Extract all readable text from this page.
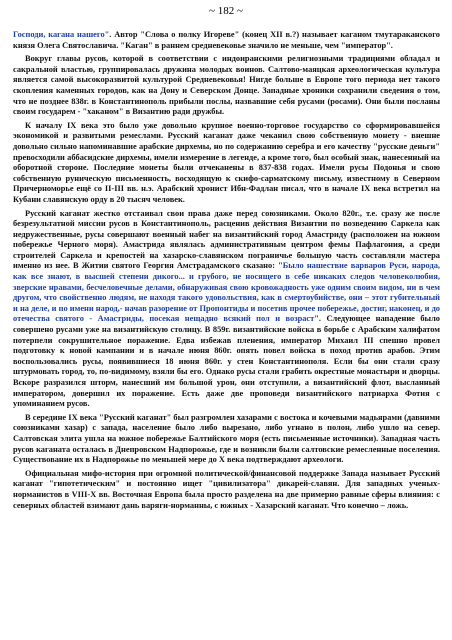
~ 182 ~

Господи, кагана нашего". Автор "Слова о полку Игореве" (конец XII в.?) называет каганом тмутараканского князя Олега Святославича. "Каган" в раннем средневековье значило не меньше, чем "император".

Вокруг главы русов, которой в соответствии с индоиранскими религиозными традициями обладал и сакральной властью, группировалась дружина молодых воинов. Салтово-маяцкая археологическая культура является самой высокоразвитой культурой Средневековья! Нигде больше в Европе того периода нет такого скопления каменных городов, как на Дону и Северском Донце. Западные хроники сохранили сведения о том, что не позднее 838г. в Константинополь прибыли послы, назвавшие себя русами (росами). Они были посланы своим государем - "хаканом" в Византию ради дружбы.

К началу IX века это было уже довольно крупное военно-торговое государство со сформировавшейся экономикой и развитыми ремеслами. Русский каганат даже чеканил свою собственную монету - внешне довольно сильно напоминавшие арабские дирхемы, но по содержанию серебра и его качеству "русские деньги" превосходили аббасидские дирхемы, имели измерение в легенде, а кроме того, был особый знак, нанесенный на оборотной стороне. Последние монеты были отчеканены в 837-838 годах. Имели русы Подонья и свою собственную руническую письменность, восходящую к скифо-сарматскому письму, известному в Северном Причерноморье ещё со II-III вв. н.э. Арабский хронист Ибн-Фадлан писал, что в начале IX века встретил на Кубани славянскую орду в 20 тысяч человек.

Русский каганат жестко отстаивал свои права даже перед союзниками. Около 820г., т.е. сразу же после безрезультатной миссии русов в Константинополь, расценив действия Византии по возведению Саркела как недружественные, русы совершают военный набег на византийский город Амастриду (расположен на южном побережье Черного моря). Амастрида являлась административным центром фемы Пафлагония, а среди строителей Саркела и крепостей на хазарско-славянском пограничье большую часть составляли мастера именно из нее. В Житии святого Георгия Амстрадамского сказано: "Было нашествие варваров Руси, народа, как все знают, в высшей степени дикого... и грубого, не носящего в себе никаких следов человеколюбия, зверские нравами, бесчеловечные делами, обнаруживая свою кровожадность уже одним своим видом, ни в чем другом, что свойственно людям, не находя такого удовольствия, как в смертоубийстве, они – этот губительный и на деле, и по имени народ,- начав разорение от Пропонтиды и посетив прочее побережье, достиг, наконец, и до отечества святого - Амастриды, посекая нещадно всякий пол и возраст". Следующее нападение было совершено русами уже на византийскую столицу. В 859г. византийские войска в борьбе с Арабским халифатом потерпели сокрушительное поражение. Едва избежав пленения, император Михаил III спешно провел подготовку к новой кампании и в начале июня 860г. опять повел войска в поход против арабов. Этим воспользовались русы, появившиеся 18 июня 860г. у стен Константинополя. Если бы они стали сразу штурмовать город, то, по-видимому, взяли бы его. Однако русы стали грабить окрестные монастыри и дворцы. Вскоре разразился шторм, нанесший им большой урон, они отступили, а византийский флот, высланный императором, довершил их поражение. Есть даже две проповеди византийского патриарха Фотия с упоминанием русов.

В середине IX века "Русский каганат" был разгромлен хазарами с востока и кочевыми мадьярами (давними союзниками хазар) с запада, население было либо вырезано, либо угнано в полон, либо ушло на север. Салтовская элита ушла на южное побережье Балтийского моря (есть письменные источники). Западная часть русов каганата осталась в Днепровском Надпорожье, где и возникли были салтовские ремесленные поселения. Существование их в Надпорожье по меньшей мере до X века подтверждают археологи.

Официальная мифо-история при огромной политической/финансовой поддержке Запада называет Русский каганат "гипотетическим" и постоянно ищет "цивилизатора" дикарей-славян. Для западных ученых-норманистов в VIII-X вв. Восточная Европа была просто разделена на две примерно равные сферы влияния: с северных областей взимают дань варяги-норманны, с южных - Хазарский каганат. Что конечно – ложь.
